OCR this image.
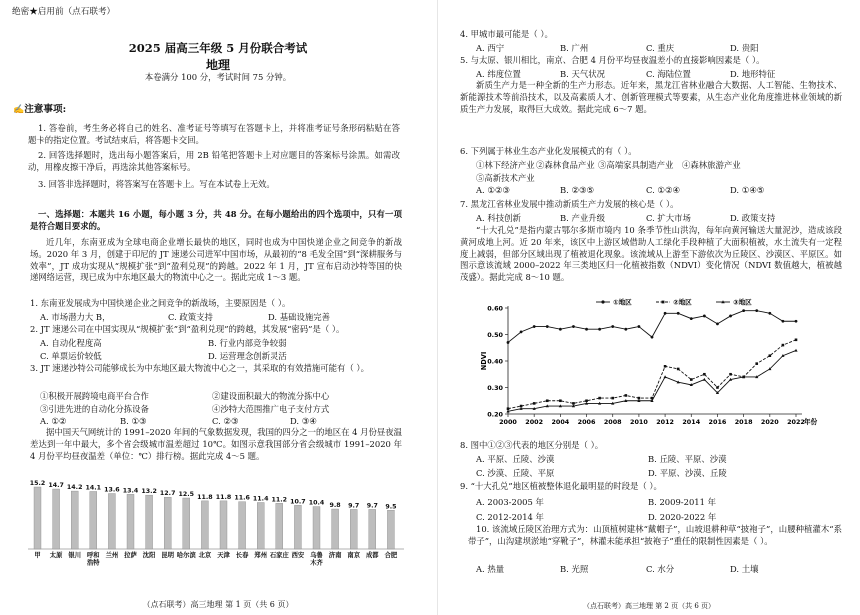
绝密★启用前（点石联考）
2025 届高三年级 5 月份联合考试
地理
本卷满分 100 分，考试时间 75 分钟。
✍注意事项:
1. 答卷前，考生务必将自己的姓名、准考证号等填写在答题卡上，并将准考证号条形码粘贴在答题卡的指定位置。考试结束后，将答题卡交回。
2. 回答选择题时，选出每小题答案后，用 2B 铅笔把答题卡上对应题目的答案标号涂黑。如需改动，用橡皮擦干净后，再选涂其他答案标号。
3. 回答非选择题时，将答案写在答题卡上。写在本试卷上无效。
一、选择题：本题共 16 小题，每小题 3 分，共 48 分。在每小题给出的四个选项中，只有一项是符合题目要求的。
近几年，东南亚成为全球电商企业增长最快的地区，同时也成为中国快递企业之间竞争的新战场。2020 年 3 月，创建于印尼的 JT 速递公司进军中国市场，从最初的“8 毛发全国”到“深耕服务与效率”，JT 成功实现从“规模扩张”到“盈利兑现”的跨越。2022 年 1 月，JT 宣布启动沙特等国的快递网络运营，现已成为中东地区最大的物流中心之一。据此完成 1～3 题。
1. 东南亚发展成为中国快递企业之间竞争的新战场，主要原因是（ ）。
A. 市场潜力大 B，	C. 政策支持	D. 基础设施完善
2. JT 速递公司在中国实现从“规模扩张”到“盈利兑现”的跨越，其发展“密码”是（ ）。
A. 自动化程度高	B. 行业内部竞争较弱
C. 单票运价较低	D. 运营理念创新灵活
3. JT 速递沙特公司能够成长为中东地区最大物流中心之一，其采取的有效措施可能有（ ）。
①积极开展跨境电商平台合作	②建设面积最大的物流分拣中心
③引进先进的自动化分拣设备	④沙特大范围推广电子支付方式
A. ①②	B. ①③	C. ②③	D. ③④
据中国天气网统计的 1991–2020 年间的气象数据发现，我国的四分之一的地区在 4 月份昼夜温差达到一年中最大，多个省会级城市温差超过 10℃。如图示意我国部分省会级城市 1991–2020 年 4 月份平均昼夜温差（单位：℃）排行榜。据此完成 4～5 题。
15.2
甲
14.7
太原
14.2
银川
14.1
呼和
浩特
13.6
兰州
13.4
拉萨
13.2
沈阳
12.7
昆明
12.5
哈尔滨
11.8
北京
11.8
天津
11.6
长春
11.4
郑州
11.2
石家庄
10.7
西安
10.4
乌鲁
木齐
9.8
济南
9.7
南京
9.7
成都
9.5
合肥
（点石联考）高三地理 第 1 页（共 6 页）
4. 甲城市最可能是（ ）。
A. 西宁	B. 广州	C. 重庆	D. 贵阳
5. 与太原、银川相比，南京、合肥 4 月份平均昼夜温差小的直接影响因素是（ ）。
A. 纬度位置	B. 天气状况	C. 海陆位置	D. 地形特征
新质生产力是一种全新的生产力形态。近年来，黑龙江省林业融合大数据、人工智能、生物技术、新能源技术等前沿技术，以及高素质人才、创新管理模式等要素，从生态产业化角度推进林业领域的新质生产力发展，取得巨大成效。据此完成 6～7 题。
6. 下列属于林业生态产业化发展模式的有（ ）。
①林下经济产业 ②森林食品产业 ③高端家具制造产业 ④森林旅游产业
⑤高新技术产业
A. ①②③	B. ②③⑤	C. ①②④	D. ①④⑤
7. 黑龙江省林业发展中推动新质生产力发展的核心是（ ）。
A. 科技创新	B. 产业升级	C. 扩大市场	D. 政策支持
“十大孔兑”是指内蒙古鄂尔多斯市境内 10 条季节性山洪沟，每年向黄河输送大量泥沙，造成该段黄河成地上河。近 20 年来，该区中上游区域借助人工绿化手段种植了大面积植被，水土流失有一定程度上减弱，但部分区域出现了植被退化现象。该流域从上游至下游依次为丘陵区、沙漠区、平原区。如图示意该流域 2000–2022 年三类地区归一化植被指数（NDVI）变化情况（NDVI 数值越大，植被越茂盛）。据此完成 8～10 题。
0.20
0.30
0.40
0.50
0.60
2000 2002 2004 2006 2008 2010 2012 2014 2016 2018 2020 2022
NDVI
年份
①地区	②地区	③地区
8. 图中①②③代表的地区分别是（ ）。
A. 平原、丘陵、沙漠	B. 丘陵、平原、沙漠
C. 沙漠、丘陵、平原	D. 平原、沙漠、丘陵
9. “十大孔兑”地区植被整体退化最明显的时段是（ ）。
A. 2003-2005 年	B. 2009-2011 年
C. 2012-2014 年	D. 2020-2022 年
10. 该流域丘陵区治理方式为：山顶植树建林“戴帽子”，山坡退耕种草“披袍子”，山腰种植灌木“系带子”，山沟建坝淤地“穿靴子”，林灌未能承担“披袍子”重任的限制性因素是（ ）。
A. 热量	B. 光照	C. 水分	D. 土壤
（点石联考）高三地理 第 2 页（共 6 页）
